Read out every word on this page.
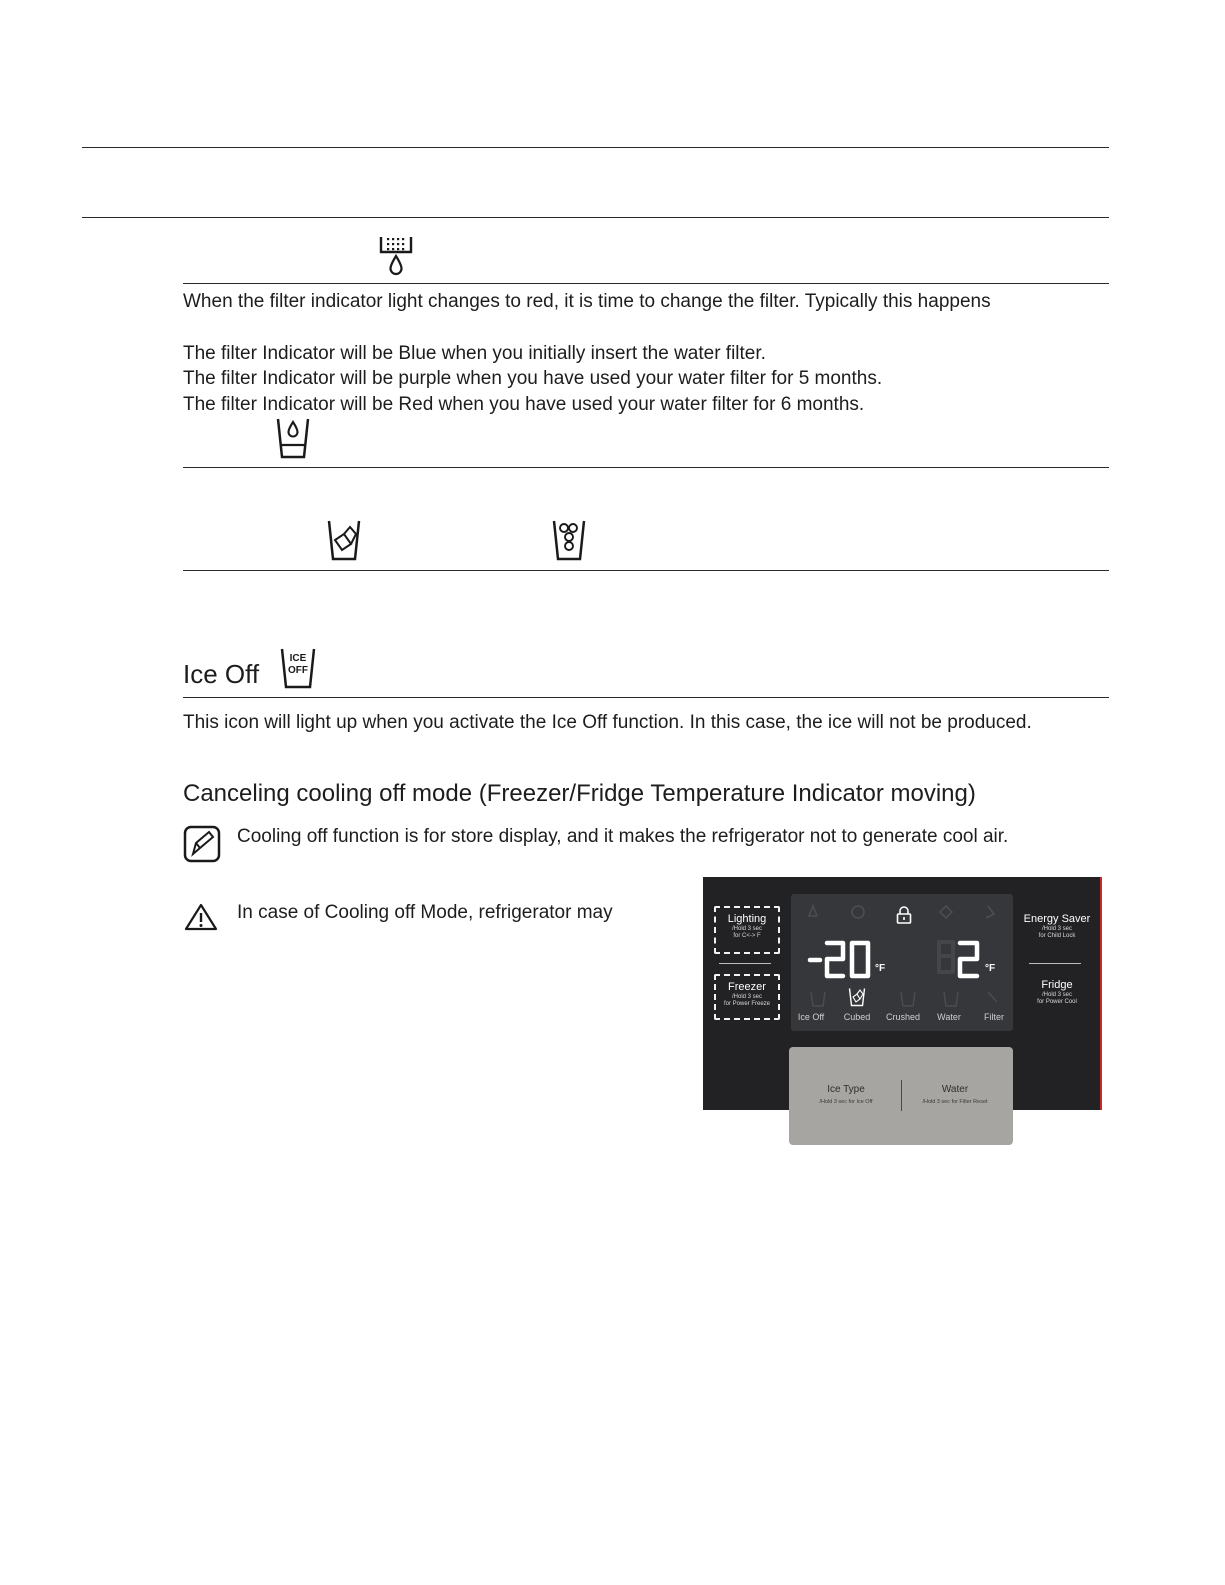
When the filter indicator light changes to red, it is time to change the filter. Typically this happens
The filter Indicator will be Blue when you initially insert the water filter.
The filter Indicator will be purple when you have used your water filter for 5 months.
The filter Indicator will be Red when you have used your water filter for 6 months.
Ice Off
ICE
OFF
This icon will light up when you activate the Ice Off function. In this case, the ice will not be produced.
Canceling cooling off mode (Freezer/Fridge Temperature Indicator moving)
Cooling off function is for store display, and it makes the refrigerator not to generate cool air.
In case of Cooling off Mode, refrigerator may	Lighting
/Hold 3 sec
for C<-> F
Freezer
/Hold 3 sec
for Power Freeze
°F	°F
Ice Off	Cubed	Crushed	Water	Filter
Energy Saver
/Hold 3 sec
for Child Lock
Fridge
/Hold 3 sec
for Power Cool
Ice Type
/Hold 3 sec for Ice Off
Water
/Hold 3 sec for Filter Reset
